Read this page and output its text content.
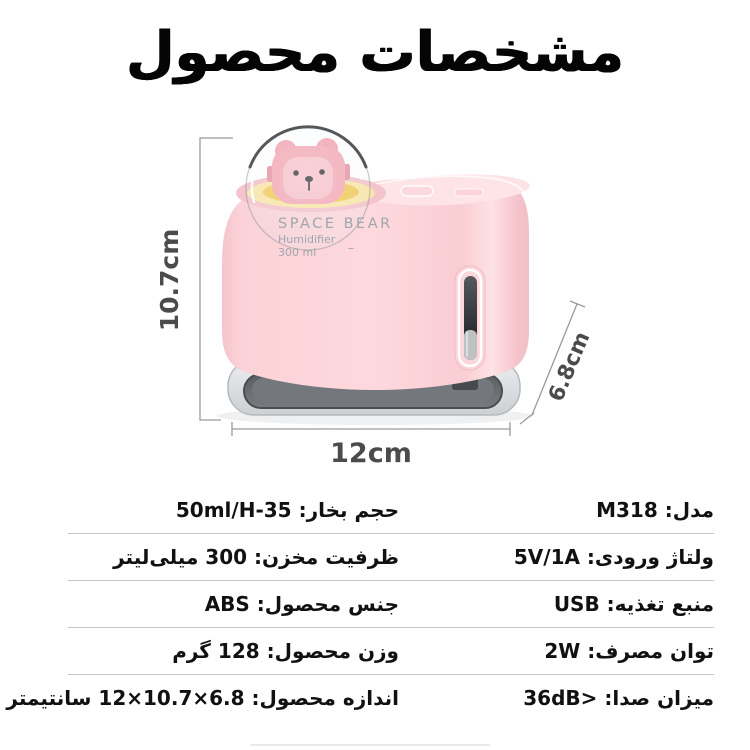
مشخصات محصول
SPACE BEAR
Humidifier
300 ml	–
10.7cm
12cm
6.8cm
مدل: M318
حجم بخار: 35-50ml/H
ولتاژ ورودی: 5V/1A
ظرفیت مخزن: 300 میلی‌لیتر
منبع تغذیه: USB
جنس محصول: ABS
توان مصرف: 2W
وزن محصول: 128 گرم
میزان صدا: <36dB
اندازه محصول: 6.8×10.7×12 سانتیمتر
